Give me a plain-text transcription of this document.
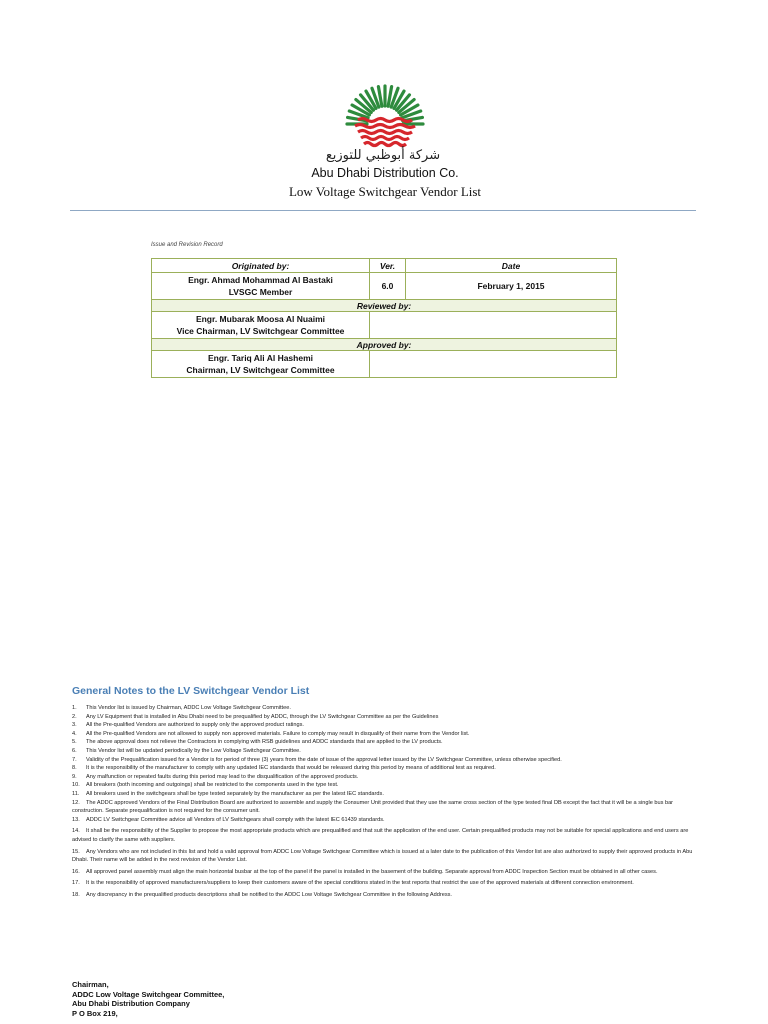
شركة أبوظبي للتوزيع
Abu Dhabi Distribution Co.
Low Voltage Switchgear Vendor List
Issue and Revision Record
Originated by:	Ver.	Date

Engr. Ahmad Mohammad Al Bastaki
LVSGC Member	6.0	February 1, 2015
Reviewed by:		

Engr. Mubarak Moosa Al Nuaimi
Vice Chairman, LV Switchgear Committee		

Approved by:		

Engr. Tariq Ali Al Hashemi
Chairman, LV Switchgear Committee		

General Notes to the LV Switchgear Vendor List
1. This Vendor list is issued by Chairman, ADDC Low Voltage Switchgear Committee.
2. Any LV Equipment that is installed in Abu Dhabi need to be prequalified by ADDC, through the LV Switchgear Committee as per the Guidelines
3. All the Pre-qualified Vendors are authorized to supply only the approved product ratings.
4. All the Pre-qualified Vendors are not allowed to supply non approved materials. Failure to comply may result in disqualify of their name from the Vendor list.
5. The above approval does not relieve the Contractors in complying with RSB guidelines and ADDC standards that are applied to the LV products.
6. This Vendor list will be updated periodically by the Low Voltage Switchgear Committee.
7. Validity of the Prequalification issued for a Vendor is for period of three (3) years from the date of issue of the approval letter issued by the LV Switchgear Committee, unless otherwise specified.
8. It is the responsibility of the manufacturer to comply with any updated IEC standards that would be released during this period by means of additional test as required.
9. Any malfunction or repeated faults during this period may lead to the disqualification of the approved products.
10. All breakers (both incoming and outgoings) shall be restricted to the components used in the type test.
11. All breakers used in the switchgears shall be type tested separately by the manufacturer as per the latest IEC standards.
12. The ADDC approved Vendors of the Final Distribution Board are authorized to assemble and supply the Consumer Unit provided that they use the same cross section of the type tested final DB except the fact that it will be a single bus bar construction. Separate prequalification is not required for the consumer unit.
13. ADDC LV Switchgear Committee advice all Vendors of LV Switchgears shall comply with the latest IEC 61439 standards.
14. It shall be the responsibility of the Supplier to propose the most appropriate products which are prequalified and that suit the application of the end user. Certain prequalified products may not be suitable for special applications and end users are advised to clarify the same with suppliers.
15. Any Vendors who are not included in this list and hold a valid approval from ADDC Low Voltage Switchgear Committee which is issued at a later date to the publication of this Vendor list are also authorized to supply their approved products in Abu Dhabi. Their name will be added in the next revision of the Vendor List.
16. All approved panel assembly must align the main horizontal busbar at the top of the panel if the panel is installed in the basement of the building. Separate approval from ADDC Inspection Section must be obtained in all other cases.
17. It is the responsibility of approved manufacturers/suppliers to keep their customers aware of the special conditions stated in the test reports that restrict the use of the approved materials at different connection environment.
18. Any discrepancy in the prequalified products descriptions shall be notified to the ADDC Low Voltage Switchgear Committee in the following Address.
Chairman,
ADDC Low Voltage Switchgear Committee,
Abu Dhabi Distribution Company
P O Box 219,
